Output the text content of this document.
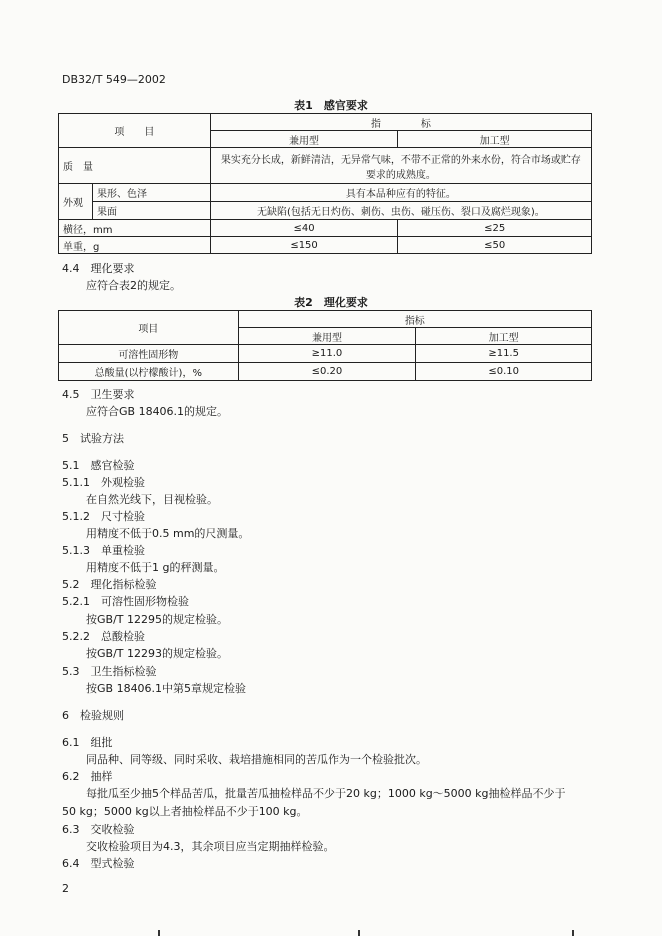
DB32/T 549—2002
表1　感官要求
项　　目		指　　　　标	
		兼用型	加工型
质　量		果实充分长成，新鲜清洁，无异常气味，不带不正常的外来水份，符合市场或贮存
要求的成熟度。	

外观	果形、色泽	具有本品种应有的特征。	
	果面	无缺陷(包括无日灼伤、刺伤、虫伤、碰压伤、裂口及腐烂现象)。	
横径，mm		≤40	≤25
单重，g		≤150	≤50
4.4　理化要求
应符合表2的规定。
表2　理化要求
项目	指标	
	兼用型	加工型
可溶性固形物	≥11.0	≥11.5
总酸量(以柠檬酸计)，%	≤0.20	≤0.10
4.5　卫生要求
应符合GB 18406.1的规定。
5　试验方法
5.1　感官检验
5.1.1　外观检验
在自然光线下，目视检验。
5.1.2　尺寸检验
用精度不低于0.5 mm的尺测量。
5.1.3　单重检验
用精度不低于1 g的秤测量。
5.2　理化指标检验
5.2.1　可溶性固形物检验
按GB/T 12295的规定检验。
5.2.2　总酸检验
按GB/T 12293的规定检验。
5.3　卫生指标检验
按GB 18406.1中第5章规定检验
6　检验规则
6.1　组批
同品种、同等级、同时采收、栽培措施相同的苦瓜作为一个检验批次。
6.2　抽样
每批瓜至少抽5个样品苦瓜，批量苦瓜抽检样品不少于20 kg；1000 kg～5000 kg抽检样品不少于
50 kg；5000 kg以上者抽检样品不少于100 kg。
6.3　交收检验
交收检验项目为4.3，其余项目应当定期抽样检验。
6.4　型式检验
2
